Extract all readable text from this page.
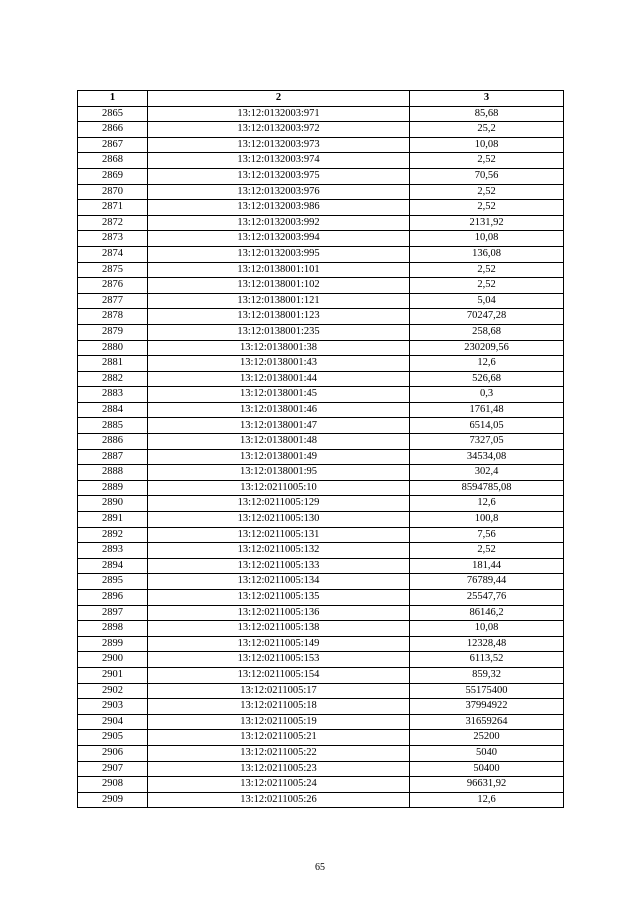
1	2	3
2865	13:12:0132003:971	85,68
2866	13:12:0132003:972	25,2
2867	13:12:0132003:973	10,08
2868	13:12:0132003:974	2,52
2869	13:12:0132003:975	70,56
2870	13:12:0132003:976	2,52
2871	13:12:0132003:986	2,52
2872	13:12:0132003:992	2131,92
2873	13:12:0132003:994	10,08
2874	13:12:0132003:995	136,08
2875	13:12:0138001:101	2,52
2876	13:12:0138001:102	2,52
2877	13:12:0138001:121	5,04
2878	13:12:0138001:123	70247,28
2879	13:12:0138001:235	258,68
2880	13:12:0138001:38	230209,56
2881	13:12:0138001:43	12,6
2882	13:12:0138001:44	526,68
2883	13:12:0138001:45	0,3
2884	13:12:0138001:46	1761,48
2885	13:12:0138001:47	6514,05
2886	13:12:0138001:48	7327,05
2887	13:12:0138001:49	34534,08
2888	13:12:0138001:95	302,4
2889	13:12:0211005:10	8594785,08
2890	13:12:0211005:129	12,6
2891	13:12:0211005:130	100,8
2892	13:12:0211005:131	7,56
2893	13:12:0211005:132	2,52
2894	13:12:0211005:133	181,44
2895	13:12:0211005:134	76789,44
2896	13:12:0211005:135	25547,76
2897	13:12:0211005:136	86146,2
2898	13:12:0211005:138	10,08
2899	13:12:0211005:149	12328,48
2900	13:12:0211005:153	6113,52
2901	13:12:0211005:154	859,32
2902	13:12:0211005:17	55175400
2903	13:12:0211005:18	37994922
2904	13:12:0211005:19	31659264
2905	13:12:0211005:21	25200
2906	13:12:0211005:22	5040
2907	13:12:0211005:23	50400
2908	13:12:0211005:24	96631,92
2909	13:12:0211005:26	12,6
65
